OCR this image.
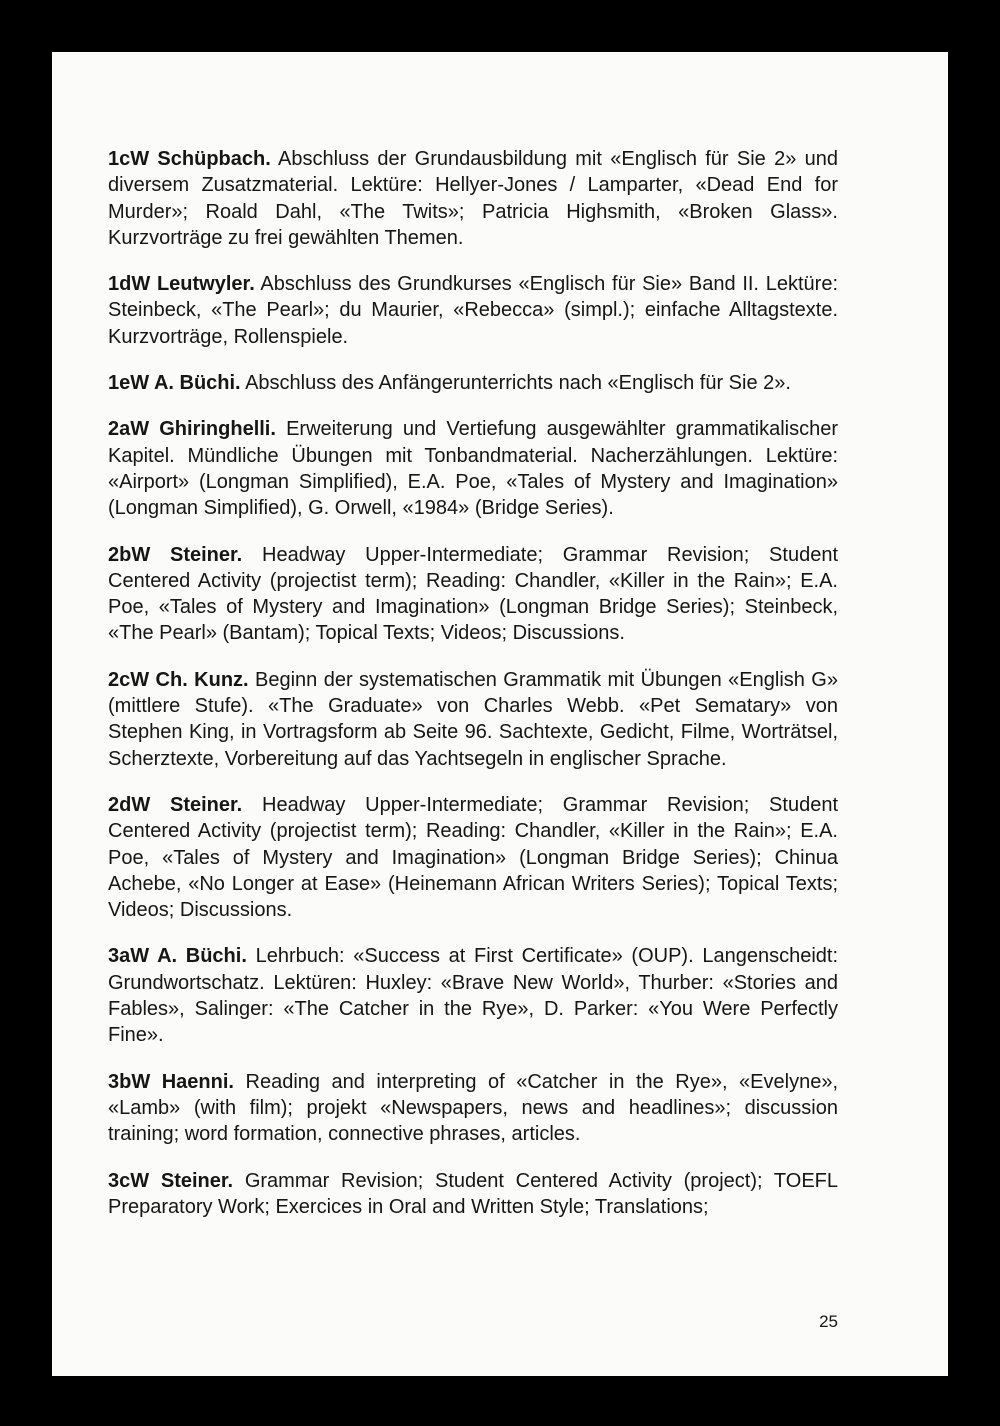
1cW Schüpbach. Abschluss der Grundausbildung mit «Englisch für Sie 2» und diversem Zusatzmaterial. Lektüre: Hellyer-Jones / Lamparter, «Dead End for Murder»; Roald Dahl, «The Twits»; Patricia Highsmith, «Broken Glass». Kurzvorträge zu frei gewählten Themen.

1dW Leutwyler. Abschluss des Grundkurses «Englisch für Sie» Band II. Lektüre: Steinbeck, «The Pearl»; du Maurier, «Rebecca» (simpl.); einfache Alltagstexte. Kurzvorträge, Rollenspiele.

1eW A. Büchi. Abschluss des Anfängerunterrichts nach «Englisch für Sie 2».

2aW Ghiringhelli. Erweiterung und Vertiefung ausgewählter grammatikalischer Kapitel. Mündliche Übungen mit Tonbandmaterial. Nacherzählungen. Lektüre: «Airport» (Longman Simplified), E.A. Poe, «Tales of Mystery and Imagination» (Longman Simplified), G. Orwell, «1984» (Bridge Series).

2bW Steiner. Headway Upper-Intermediate; Grammar Revision; Student Centered Activity (projectist term); Reading: Chandler, «Killer in the Rain»; E.A. Poe, «Tales of Mystery and Imagination» (Longman Bridge Series); Steinbeck, «The Pearl» (Bantam); Topical Texts; Videos; Discussions.

2cW Ch. Kunz. Beginn der systematischen Grammatik mit Übungen «English G» (mittlere Stufe). «The Graduate» von Charles Webb. «Pet Sematary» von Stephen King, in Vortragsform ab Seite 96. Sachtexte, Gedicht, Filme, Worträtsel, Scherztexte, Vorbereitung auf das Yachtsegeln in englischer Sprache.

2dW Steiner. Headway Upper-Intermediate; Grammar Revision; Student Centered Activity (projectist term); Reading: Chandler, «Killer in the Rain»; E.A. Poe, «Tales of Mystery and Imagination» (Longman Bridge Series); Chinua Achebe, «No Longer at Ease» (Heinemann African Writers Series); Topical Texts; Videos; Discussions.

3aW A. Büchi. Lehrbuch: «Success at First Certificate» (OUP). Langenscheidt: Grundwortschatz. Lektüren: Huxley: «Brave New World», Thurber: «Stories and Fables», Salinger: «The Catcher in the Rye», D. Parker: «You Were Perfectly Fine».

3bW Haenni. Reading and interpreting of «Catcher in the Rye», «Evelyne», «Lamb» (with film); projekt «Newspapers, news and headlines»; discussion training; word formation, connective phrases, articles.

3cW Steiner. Grammar Revision; Student Centered Activity (project); TOEFL Preparatory Work; Exercices in Oral and Written Style; Translations;

25
